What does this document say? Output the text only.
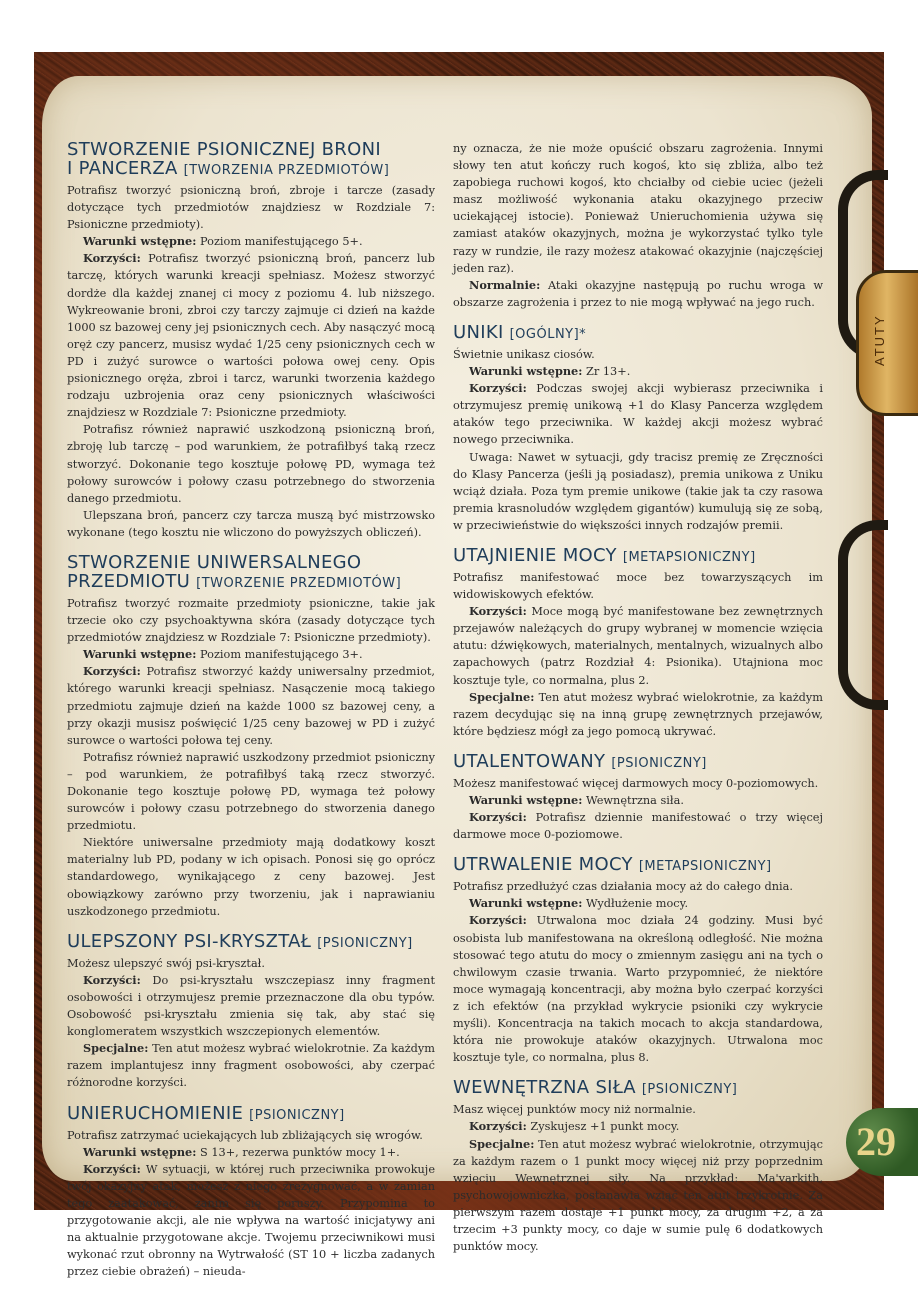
ATUTY
29
STWORZENIE PSIONICZNEJ BRONI
I PANCERZA [TWORZENIA PRZEDMIOTÓW]

Potrafisz tworzyć psioniczną broń, zbroje i tarcze (zasady dotyczące tych przedmiotów znajdziesz w Rozdziale 7: Psioniczne przedmioty).

Warunki wstępne: Poziom manifestującego 5+.

Korzyści: Potrafisz tworzyć psioniczną broń, pancerz lub tarczę, których warunki kreacji spełniasz. Możesz stworzyć dordże dla każdej znanej ci mocy z poziomu 4. lub niższego. Wykreowanie broni, zbroi czy tarczy zajmuje ci dzień na każde 1000 sz bazowej ceny jej psionicznych cech. Aby nasączyć mocą oręż czy pancerz, musisz wydać 1/25 ceny psionicznych cech w PD i zużyć surowce o wartości połowa owej ceny. Opis psionicznego oręża, zbroi i tarcz, warunki tworzenia każdego rodzaju uzbrojenia oraz ceny psionicznych właściwości znajdziesz w Rozdziale 7: Psioniczne przedmioty.

Potrafisz również naprawić uszkodzoną psioniczną broń, zbroję lub tarczę – pod warunkiem, że potrafiłbyś taką rzecz stworzyć. Dokonanie tego kosztuje połowę PD, wymaga też połowy surowców i połowy czasu potrzebnego do stworzenia danego przedmiotu.

Ulepszana broń, pancerz czy tarcza muszą być mistrzowsko wykonane (tego kosztu nie wliczono do powyższych obliczeń).

STWORZENIE UNIWERSALNEGO
PRZEDMIOTU [TWORZENIE PRZEDMIOTÓW]

Potrafisz tworzyć rozmaite przedmioty psioniczne, takie jak trzecie oko czy psychoaktywna skóra (zasady dotyczące tych przedmiotów znajdziesz w Rozdziale 7: Psioniczne przedmioty).

Warunki wstępne: Poziom manifestującego 3+.

Korzyści: Potrafisz stworzyć każdy uniwersalny przedmiot, którego warunki kreacji spełniasz. Nasączenie mocą takiego przedmiotu zajmuje dzień na każde 1000 sz bazowej ceny, a przy okazji musisz poświęcić 1/25 ceny bazowej w PD i zużyć surowce o wartości połowa tej ceny.

Potrafisz również naprawić uszkodzony przedmiot psioniczny – pod warunkiem, że potrafiłbyś taką rzecz stworzyć. Dokonanie tego kosztuje połowę PD, wymaga też połowy surowców i połowy czasu potrzebnego do stworzenia danego przedmiotu.

Niektóre uniwersalne przedmioty mają dodatkowy koszt materialny lub PD, podany w ich opisach. Ponosi się go oprócz standardowego, wynikającego z ceny bazowej. Jest obowiązkowy zarówno przy tworzeniu, jak i naprawianiu uszkodzonego przedmiotu.

ULEPSZONY PSI-KRYSZTAŁ [PSIONICZNY]

Możesz ulepszyć swój psi-kryształ.

Korzyści: Do psi-kryształu wszczepiasz inny fragment osobowości i otrzymujesz premie przeznaczone dla obu typów. Osobowość psi-kryształu zmienia się tak, aby stać się konglomeratem wszystkich wszczepionych elementów.

Specjalne: Ten atut możesz wybrać wielokrotnie. Za każdym razem implantujesz inny fragment osobowości, aby czerpać różnorodne korzyści.

UNIERUCHOMIENIE [PSIONICZNY]

Potrafisz zatrzymać uciekających lub zbliżających się wrogów.

Warunki wstępne: S 13+, rezerwa punktów mocy 1+.

Korzyści: W sytuacji, w której ruch przeciwnika prowokuje twój okazyjny atak, możesz z niego zrezygnować, a w zamian tego zaatakować, zanim się poruszy. Przypomina to przygotowanie akcji, ale nie wpływa na wartość inicjatywy ani na aktualnie przygotowane akcje. Twojemu przeciwnikowi musi wykonać rzut obronny na Wytrwałość (ST 10 + liczba zadanych przez ciebie obrażeń) – nieuda-

ny oznacza, że nie może opuścić obszaru zagrożenia. Innymi słowy ten atut kończy ruch kogoś, kto się zbliża, albo też zapobiega ruchowi kogoś, kto chciałby od ciebie uciec (jeżeli masz możliwość wykonania ataku okazyjnego przeciw uciekającej istocie). Ponieważ Unieruchomienia używa się zamiast ataków okazyjnych, można je wykorzystać tylko tyle razy w rundzie, ile razy możesz atakować okazyjnie (najczęściej jeden raz).

Normalnie: Ataki okazyjne następują po ruchu wroga w obszarze zagrożenia i przez to nie mogą wpływać na jego ruch.

UNIKI [OGÓLNY]*

Świetnie unikasz ciosów.

Warunki wstępne: Zr 13+.

Korzyści: Podczas swojej akcji wybierasz przeciwnika i otrzymujesz premię unikową +1 do Klasy Pancerza względem ataków tego przeciwnika. W każdej akcji możesz wybrać nowego przeciwnika.

Uwaga: Nawet w sytuacji, gdy tracisz premię ze Zręczności do Klasy Pancerza (jeśli ją posiadasz), premia unikowa z Uniku wciąż działa. Poza tym premie unikowe (takie jak ta czy rasowa premia krasnoludów względem gigantów) kumulują się ze sobą, w przeciwieństwie do większości innych rodzajów premii.

UTAJNIENIE MOCY [METAPSIONICZNY]

Potrafisz manifestować moce bez towarzyszących im widowiskowych efektów.

Korzyści: Moce mogą być manifestowane bez zewnętrznych przejawów należących do grupy wybranej w momencie wzięcia atutu: dźwiękowych, materialnych, mentalnych, wizualnych albo zapachowych (patrz Rozdział 4: Psionika). Utajniona moc kosztuje tyle, co normalna, plus 2.

Specjalne: Ten atut możesz wybrać wielokrotnie, za każdym razem decydując się na inną grupę zewnętrznych przejawów, które będziesz mógł za jego pomocą ukrywać.

UTALENTOWANY [PSIONICZNY]

Możesz manifestować więcej darmowych mocy 0-poziomowych.

Warunki wstępne: Wewnętrzna siła.

Korzyści: Potrafisz dziennie manifestować o trzy więcej darmowe moce 0-poziomowe.

UTRWALENIE MOCY [METAPSIONICZNY]

Potrafisz przedłużyć czas działania mocy aż do całego dnia.

Warunki wstępne: Wydłużenie mocy.

Korzyści: Utrwalona moc działa 24 godziny. Musi być osobista lub manifestowana na określoną odległość. Nie można stosować tego atutu do mocy o zmiennym zasięgu ani na tych o chwilowym czasie trwania. Warto przypomnieć, że niektóre moce wymagają koncentracji, aby można było czerpać korzyści z ich efektów (na przykład wykrycie psioniki czy wykrycie myśli). Koncentracja na takich mocach to akcja standardowa, która nie prowokuje ataków okazyjnych. Utrwalona moc kosztuje tyle, co normalna, plus 8.

WEWNĘTRZNA SIŁA [PSIONICZNY]

Masz więcej punktów mocy niż normalnie.

Korzyści: Zyskujesz +1 punkt mocy.

Specjalne: Ten atut możesz wybrać wielokrotnie, otrzymując za każdym razem o 1 punkt mocy więcej niż przy poprzednim wzięciu Wewnętrznej siły. Na przykład: Ma'varkith, psychowojowniczka, postanawia wziąć ten atut trzykrotnie. Za pierwszym razem dostaje +1 punkt mocy, za drugim +2, a za trzecim +3 punkty mocy, co daje w sumie pulę 6 dodatkowych punktów mocy.
